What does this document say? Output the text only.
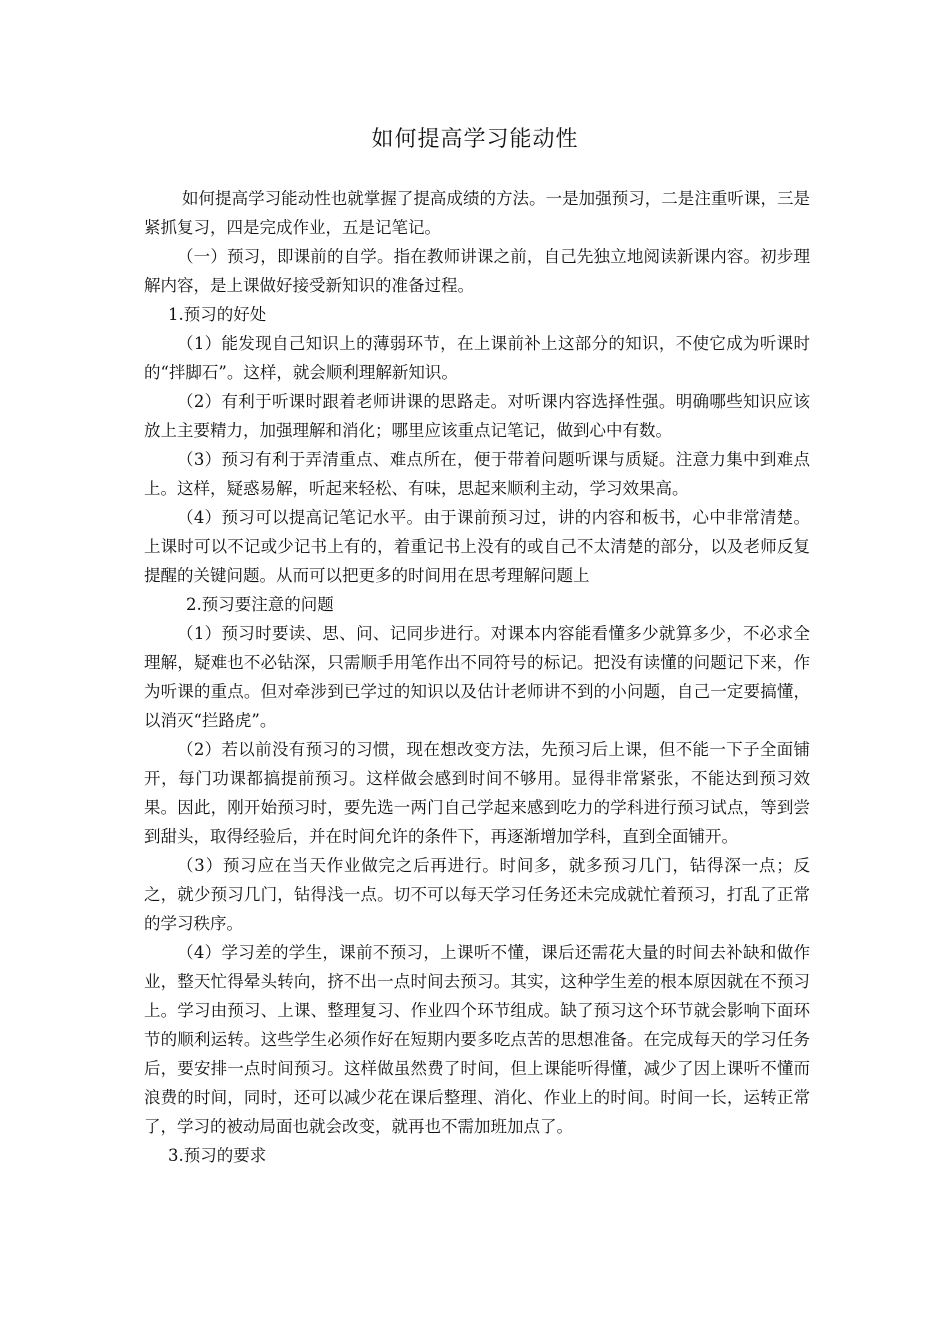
如何提高学习能动性

如何提高学习能动性也就掌握了提高成绩的方法。一是加强预习，二是注重听课，三是紧抓复习，四是完成作业，五是记笔记。

（一）预习，即课前的自学。指在教师讲课之前，自己先独立地阅读新课内容。初步理解内容，是上课做好接受新知识的准备过程。

1.预习的好处

（1）能发现自己知识上的薄弱环节，在上课前补上这部分的知识，不使它成为听课时的“拌脚石”。这样，就会顺利理解新知识。

（2）有利于听课时跟着老师讲课的思路走。对听课内容选择性强。明确哪些知识应该放上主要精力，加强理解和消化；哪里应该重点记笔记，做到心中有数。

（3）预习有利于弄清重点、难点所在，便于带着问题听课与质疑。注意力集中到难点上。这样，疑惑易解，听起来轻松、有味，思起来顺利主动，学习效果高。

（4）预习可以提高记笔记水平。由于课前预习过，讲的内容和板书，心中非常清楚。上课时可以不记或少记书上有的，着重记书上没有的或自己不太清楚的部分，以及老师反复提醒的关键问题。从而可以把更多的时间用在思考理解问题上

2.预习要注意的问题

（1）预习时要读、思、问、记同步进行。对课本内容能看懂多少就算多少，不必求全理解，疑难也不必钻深，只需顺手用笔作出不同符号的标记。把没有读懂的问题记下来，作为听课的重点。但对牵涉到已学过的知识以及估计老师讲不到的小问题，自己一定要搞懂，以消灭“拦路虎”。

（2）若以前没有预习的习惯，现在想改变方法，先预习后上课，但不能一下子全面铺开，每门功课都搞提前预习。这样做会感到时间不够用。显得非常紧张，不能达到预习效果。因此，刚开始预习时，要先选一两门自己学起来感到吃力的学科进行预习试点，等到尝到甜头，取得经验后，并在时间允许的条件下，再逐渐增加学科，直到全面铺开。

（3）预习应在当天作业做完之后再进行。时间多，就多预习几门，钻得深一点；反之，就少预习几门，钻得浅一点。切不可以每天学习任务还未完成就忙着预习，打乱了正常的学习秩序。

（4）学习差的学生，课前不预习，上课听不懂，课后还需花大量的时间去补缺和做作业，整天忙得晕头转向，挤不出一点时间去预习。其实，这种学生差的根本原因就在不预习上。学习由预习、上课、整理复习、作业四个环节组成。缺了预习这个环节就会影响下面环节的顺利运转。这些学生必须作好在短期内要多吃点苦的思想准备。在完成每天的学习任务后，要安排一点时间预习。这样做虽然费了时间，但上课能听得懂，减少了因上课听不懂而浪费的时间，同时，还可以减少花在课后整理、消化、作业上的时间。时间一长，运转正常了，学习的被动局面也就会改变，就再也不需加班加点了。

3.预习的要求
